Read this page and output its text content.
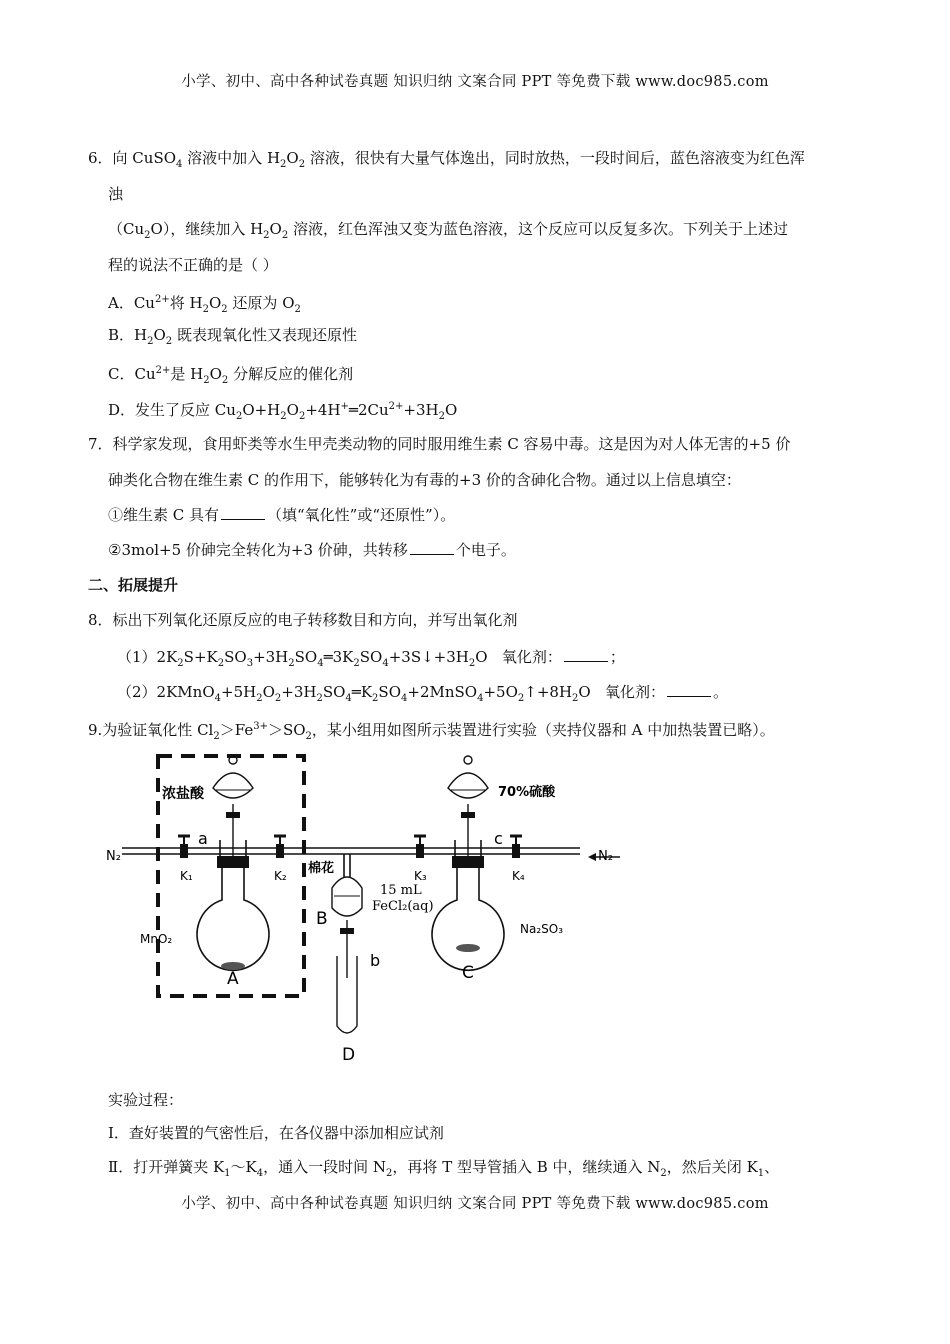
小学、初中、高中各种试卷真题 知识归纳 文案合同 PPT 等免费下载 www.doc985.com
6．向 CuSO$_4$ 溶液中加入 $H_2O_2$ 溶液，很快有大量气体逸出，同时放热，一段时间后，蓝色溶液变为红色浑
浊
$(Cu_2O)$，继续加入 $H_2O_2$ 溶液，红色浑浊又变为蓝色溶液，这个反应可以反复多次。下列关于上述过
程的说法不正确的是（ ）
A．$Cu^{2+}$将 $H_2O_2$ 还原为 $O_2$
B．$H_2O_2$ 既表现氧化性又表现还原性
C．$Cu^{2+}$是 $H_2O_2$ 分解反应的催化剂
D．发生了反应 $Cu_2O+H_2O_2+4H^+═2Cu^{2+}+3H_2O$
7．科学家发现，食用虾类等水生甲壳类动物的同时服用维生素 C 容易中毒。这是因为对人体无害的+5 价
砷类化合物在维生素 C 的作用下，能够转化为有毒的+3 价的含砷化合物。通过以上信息填空：
①维生素 C 具有	（填“氧化性”或“还原性”）。
②3mol+5 价砷完全转化为+3 价砷，共转移	个电子。
二、拓展提升
8．标出下列氧化还原反应的电子转移数目和方向，并写出氧化剂
$(1)2K_2S+K_2SO_3+3H_2SO_4═3K_2SO_4+3S↓+3H_2O$   氧化剂：	；
$(2)2KMnO_4+5H_2O_2+3H_2SO_4═K_2SO_4+2MnSO_4+5O_2↑+8H_2O$   氧化剂：	。
9.为验证氧化性 $Cl_2>Fe^{3+}>SO_2$，某小组用如图所示装置进行实验（夹持仪器和 A 中加热装置已略）。
浓盐酸	70%硫酸
N₂	N₂
a
b
c
K₁	K₂	K₃	K₄
棉花
15 mL
FeCl₂(aq)
MnO₂
Na₂SO₃
A
B
C
D
实验过程：
Ⅰ．查好装置的气密性后，在各仪器中添加相应试剂
Ⅱ．打开弹簧夹 $K_1\sim K_4$，通入一段时间 $N_2$，再将 T 型导管插入 B 中，继续通入 $N_2$，然后关闭 $K_1$、
小学、初中、高中各种试卷真题 知识归纳 文案合同 PPT 等免费下载 www.doc985.com
